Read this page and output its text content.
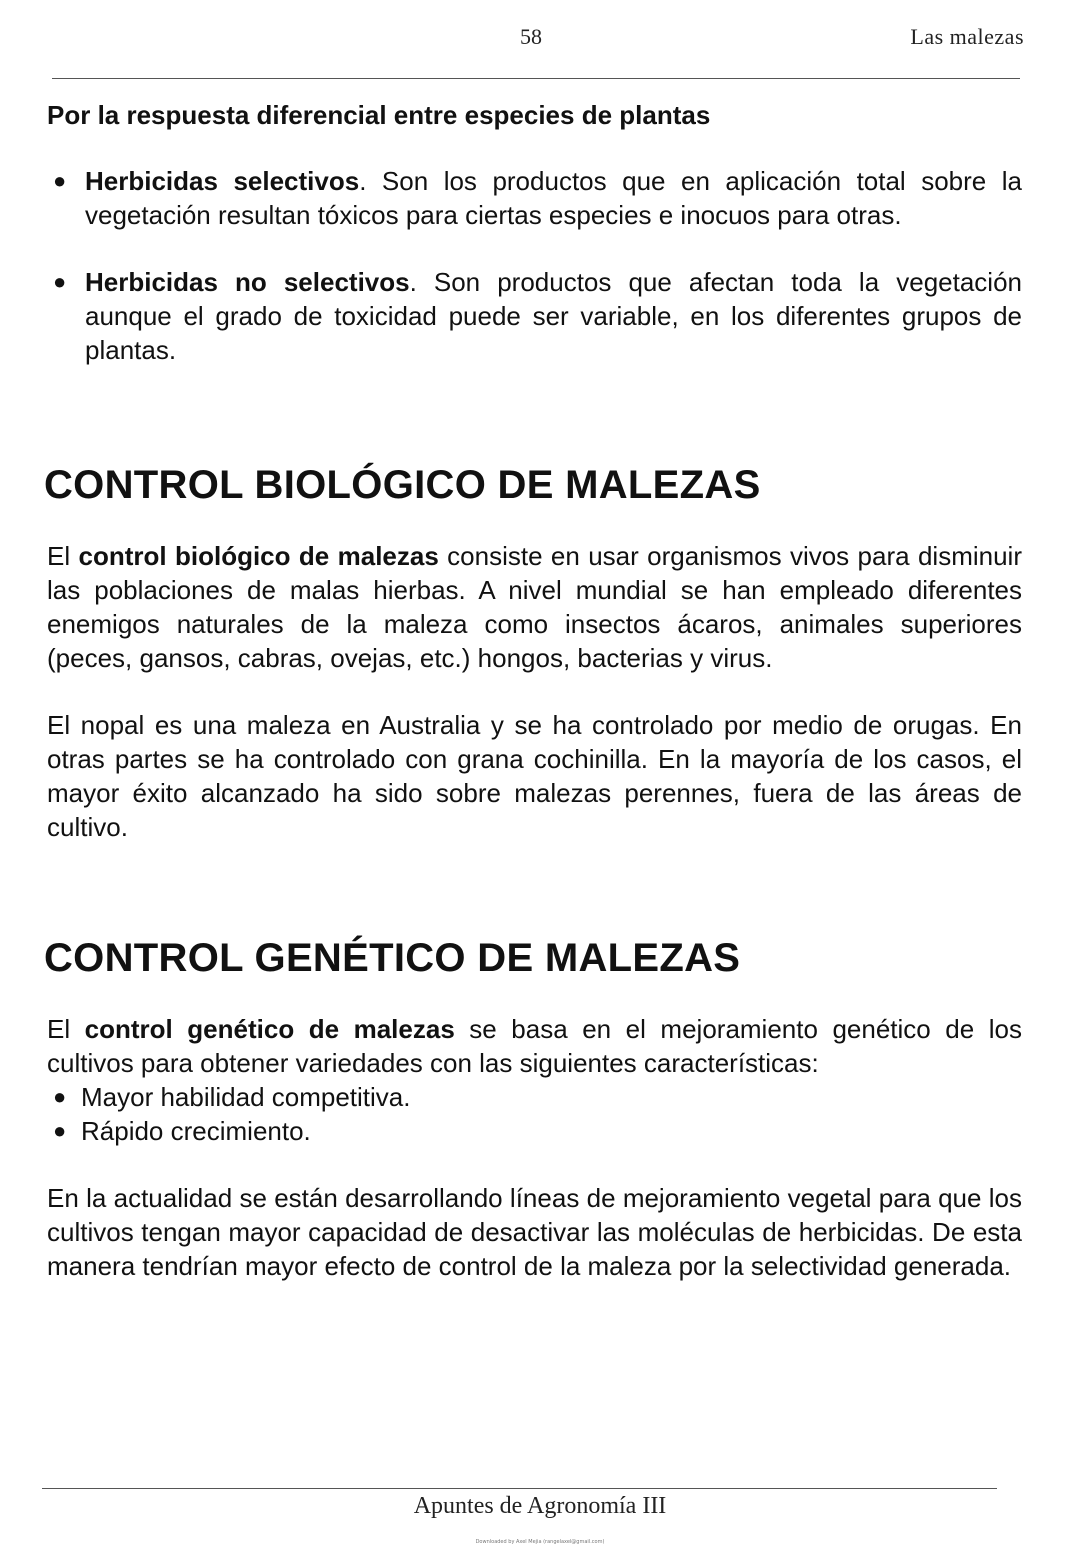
58	Las malezas
Por la respuesta diferencial entre especies de plantas
● Herbicidas selectivos. Son los productos que en aplicación total sobre la vegetación resultan tóxicos para ciertas especies e inocuos para otras.
● Herbicidas no selectivos. Son productos que afectan toda la vegetación aunque el grado de toxicidad puede ser variable, en los diferentes grupos de plantas.
CONTROL BIOLÓGICO DE MALEZAS

El control biológico de malezas consiste en usar organismos vivos para disminuir las poblaciones de malas hierbas. A nivel mundial se han empleado diferentes enemigos naturales de la maleza como insectos ácaros, animales superiores (peces, gansos, cabras, ovejas, etc.) hongos, bacterias y virus.

El nopal es una maleza en Australia y se ha controlado por medio de orugas. En otras partes se ha controlado con grana cochinilla. En la mayoría de los casos, el mayor éxito alcanzado ha sido sobre malezas perennes, fuera de las áreas de cultivo.

CONTROL GENÉTICO DE MALEZAS

El control genético de malezas se basa en el mejoramiento genético de los cultivos para obtener variedades con las siguientes características:

● Mayor habilidad competitiva.
● Rápido crecimiento.

En la actualidad se están desarrollando líneas de mejoramiento vegetal para que los cultivos tengan mayor capacidad de desactivar las moléculas de herbicidas. De esta manera tendrían mayor efecto de control de la maleza por la selectividad generada.

Apuntes de Agronomía III
Downloaded by Axel Mejia (rangelaxel@gmail.com)
